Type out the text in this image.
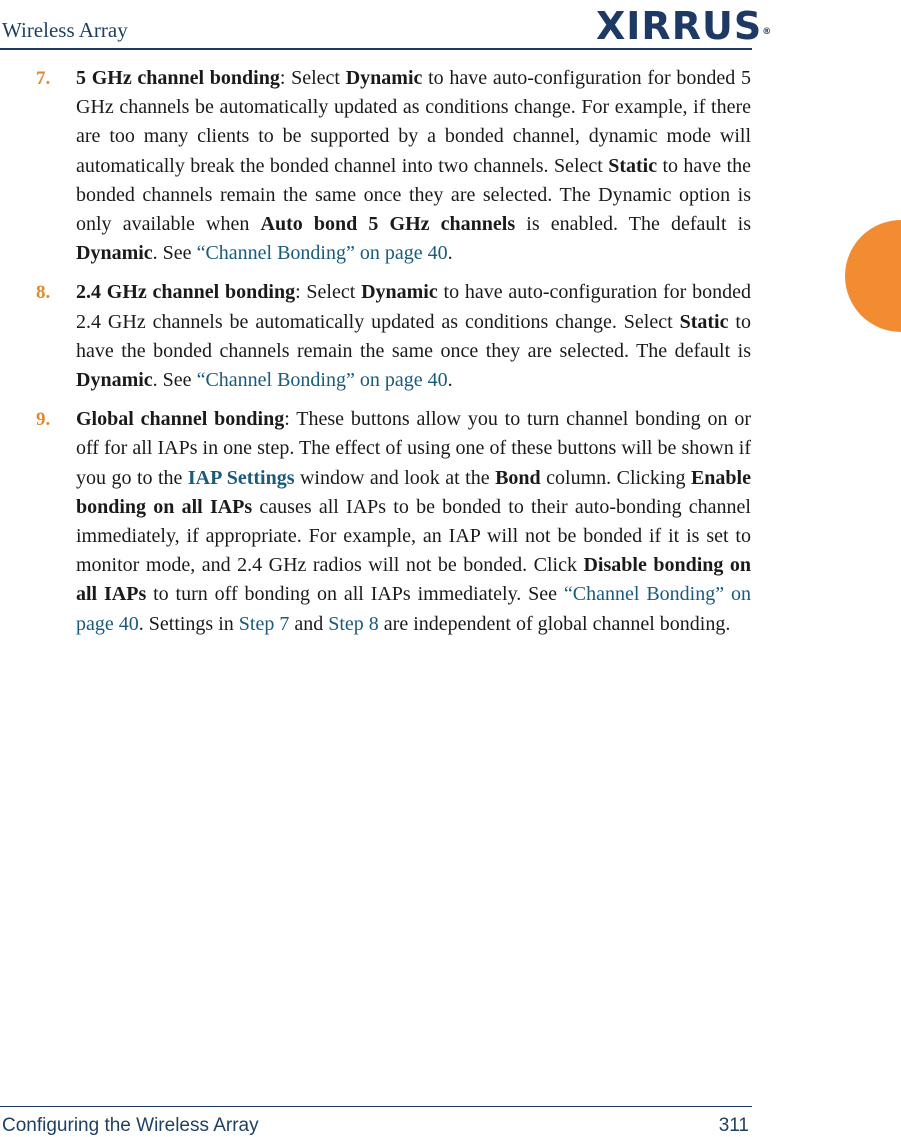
Wireless Array	XIRRUS®
7. 5 GHz channel bonding: Select Dynamic to have auto-configuration for bonded 5 GHz channels be automatically updated as conditions change. For example, if there are too many clients to be supported by a bonded channel, dynamic mode will automatically break the bonded channel into two channels. Select Static to have the bonded channels remain the same once they are selected. The Dynamic option is only available when Auto bond 5 GHz channels is enabled. The default is Dynamic. See “Channel Bonding” on page 40.

8. 2.4 GHz channel bonding: Select Dynamic to have auto-configuration for bonded 2.4 GHz channels be automatically updated as conditions change. Select Static to have the bonded channels remain the same once they are selected. The default is Dynamic. See “Channel Bonding” on page 40.

9. Global channel bonding: These buttons allow you to turn channel bonding on or off for all IAPs in one step. The effect of using one of these buttons will be shown if you go to the IAP Settings window and look at the Bond column. Clicking Enable bonding on all IAPs causes all IAPs to be bonded to their auto-bonding channel immediately, if appropriate. For example, an IAP will not be bonded if it is set to monitor mode, and 2.4 GHz radios will not be bonded. Click Disable bonding on all IAPs to turn off bonding on all IAPs immediately. See “Channel Bonding” on page 40. Settings in Step 7 and Step 8 are independent of global channel bonding.

Configuring the Wireless Array	311
